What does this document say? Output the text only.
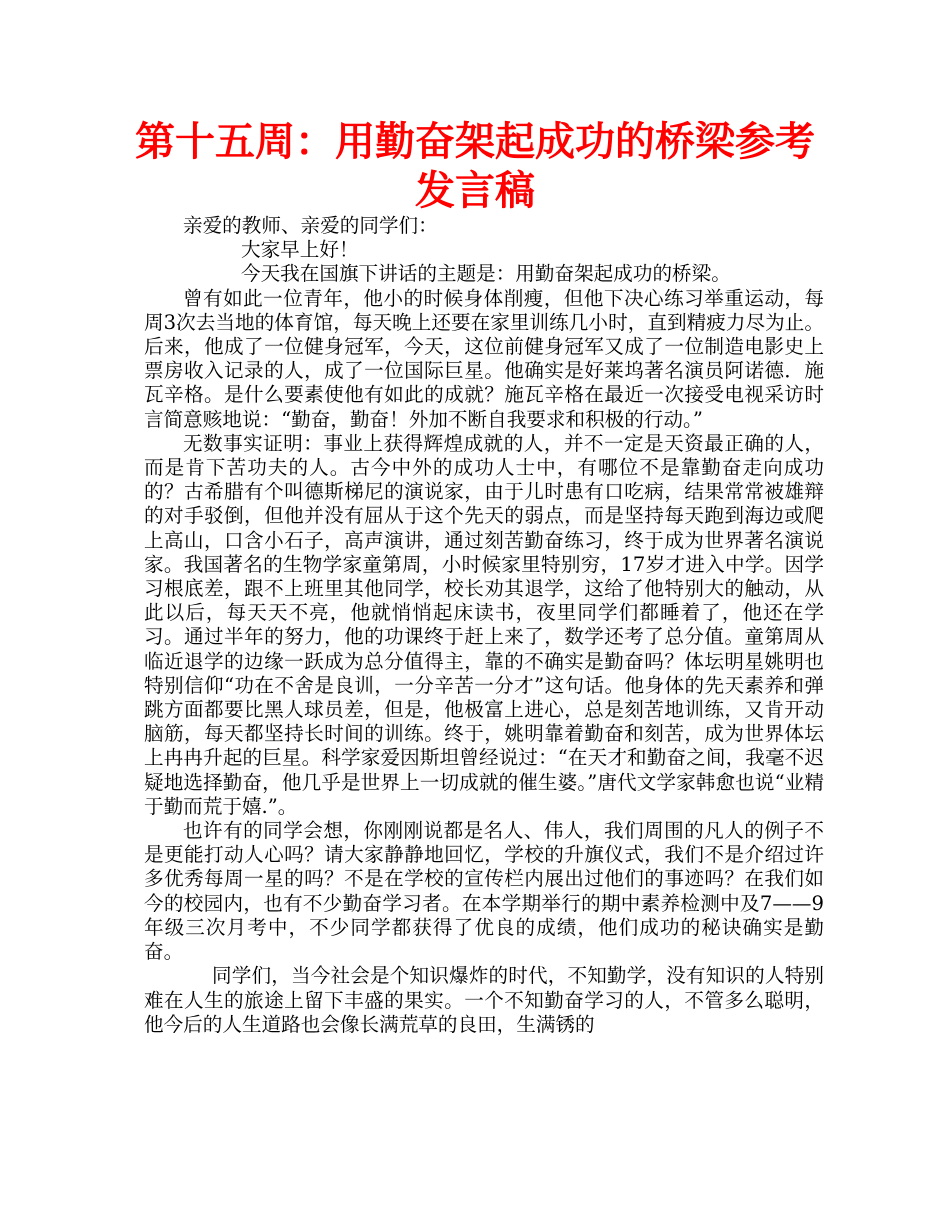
第十五周：用勤奋架起成功的桥梁参考发言稿

亲爱的教师、亲爱的同学们：

大家早上好！

今天我在国旗下讲话的主题是：用勤奋架起成功的桥梁。

曾有如此一位青年，他小的时候身体削瘦，但他下决心练习举重运动，每周3次去当地的体育馆，每天晚上还要在家里训练几小时，直到精疲力尽为止。后来，他成了一位健身冠军，今天，这位前健身冠军又成了一位制造电影史上票房收入记录的人，成了一位国际巨星。他确实是好莱坞著名演员阿诺德．施瓦辛格。是什么要素使他有如此的成就？施瓦辛格在最近一次接受电视采访时言简意赅地说：“勤奋，勤奋！外加不断自我要求和积极的行动。”

无数事实证明：事业上获得辉煌成就的人，并不一定是天资最正确的人，而是肯下苦功夫的人。古今中外的成功人士中，有哪位不是靠勤奋走向成功的？古希腊有个叫德斯梯尼的演说家，由于儿时患有口吃病，结果常常被雄辩的对手驳倒，但他并没有屈从于这个先天的弱点，而是坚持每天跑到海边或爬上高山，口含小石子，高声演讲，通过刻苦勤奋练习，终于成为世界著名演说家。我国著名的生物学家童第周，小时候家里特别穷，17岁才进入中学。因学习根底差，跟不上班里其他同学，校长劝其退学，这给了他特别大的触动，从此以后，每天天不亮，他就悄悄起床读书，夜里同学们都睡着了，他还在学习。通过半年的努力，他的功课终于赶上来了，数学还考了总分值。童第周从临近退学的边缘一跃成为总分值得主，靠的不确实是勤奋吗？体坛明星姚明也特别信仰“功在不舍是良训，一分辛苦一分才”这句话。他身体的先天素养和弹跳方面都要比黑人球员差，但是，他极富上进心，总是刻苦地训练，又肯开动脑筋，每天都坚持长时间的训练。终于，姚明靠着勤奋和刻苦，成为世界体坛上冉冉升起的巨星。科学家爱因斯坦曾经说过：“在天才和勤奋之间，我毫不迟疑地选择勤奋，他几乎是世界上一切成就的催生婆。”唐代文学家韩愈也说“业精于勤而荒于嬉.”。

也许有的同学会想，你刚刚说都是名人、伟人，我们周围的凡人的例子不是更能打动人心吗？请大家静静地回忆，学校的升旗仪式，我们不是介绍过许多优秀每周一星的吗？不是在学校的宣传栏内展出过他们的事迹吗？在我们如今的校园内，也有不少勤奋学习者。在本学期举行的期中素养检测中及7——9年级三次月考中，不少同学都获得了优良的成绩，他们成功的秘诀确实是勤奋。

同学们，当今社会是个知识爆炸的时代，不知勤学，没有知识的人特别难在人生的旅途上留下丰盛的果实。一个不知勤奋学习的人，不管多么聪明，他今后的人生道路也会像长满荒草的良田，生满锈的
